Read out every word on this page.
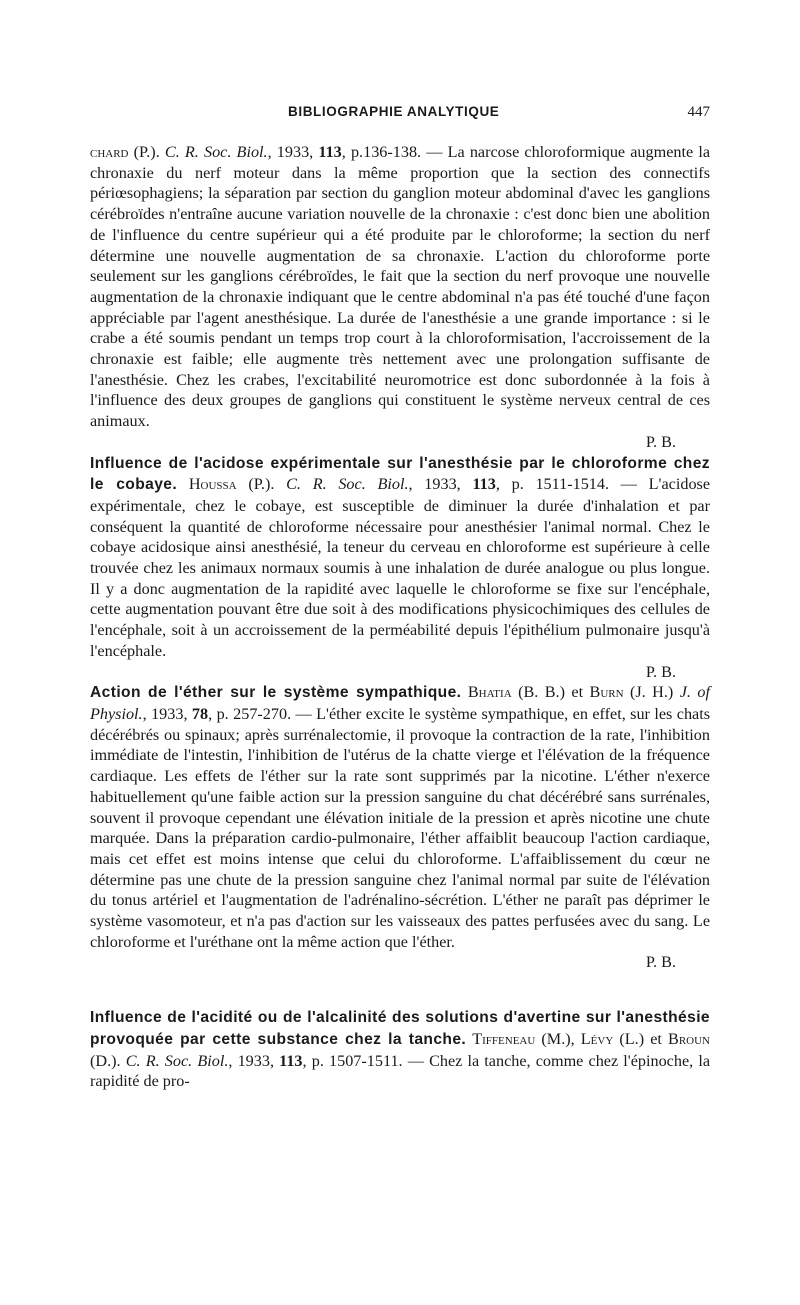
BIBLIOGRAPHIE ANALYTIQUE	447

chard (P.). C. R. Soc. Biol., 1933, 113, p.136-138. — La narcose chloroformique augmente la chronaxie du nerf moteur dans la même proportion que la section des connectifs périœsophagiens; la séparation par section du ganglion moteur abdominal d'avec les ganglions cérébroïdes n'entraîne aucune variation nouvelle de la chronaxie : c'est donc bien une abolition de l'influence du centre supérieur qui a été produite par le chloroforme; la section du nerf détermine une nouvelle augmentation de sa chronaxie. L'action du chloroforme porte seulement sur les ganglions cérébroïdes, le fait que la section du nerf provoque une nouvelle augmentation de la chronaxie indiquant que le centre abdominal n'a pas été touché d'une façon appréciable par l'agent anesthésique. La durée de l'anesthésie a une grande importance : si le crabe a été soumis pendant un temps trop court à la chloroformisation, l'accroissement de la chronaxie est faible; elle augmente très nettement avec une prolongation suffisante de l'anesthésie. Chez les crabes, l'excitabilité neuromotrice est donc subordonnée à la fois à l'influence des deux groupes de ganglions qui constituent le système nerveux central de ces animaux.

P. B.

Influence de l'acidose expérimentale sur l'anesthésie par le chloroforme chez le cobaye. Houssa (P.). C. R. Soc. Biol., 1933, 113, p. 1511-1514. — L'acidose expérimentale, chez le cobaye, est susceptible de diminuer la durée d'inhalation et par conséquent la quantité de chloroforme nécessaire pour anesthésier l'animal normal. Chez le cobaye acidosique ainsi anesthésié, la teneur du cerveau en chloroforme est supérieure à celle trouvée chez les animaux normaux soumis à une inhalation de durée analogue ou plus longue. Il y a donc augmentation de la rapidité avec laquelle le chloroforme se fixe sur l'encéphale, cette augmentation pouvant être due soit à des modifications physicochimiques des cellules de l'encéphale, soit à un accroissement de la perméabilité depuis l'épithélium pulmonaire jusqu'à l'encéphale.

P. B.

Action de l'éther sur le système sympathique. Bhatia (B. B.) et Burn (J. H.) J. of Physiol., 1933, 78, p. 257-270. — L'éther excite le système sympathique, en effet, sur les chats décérébrés ou spinaux; après surrénalectomie, il provoque la contraction de la rate, l'inhibition immédiate de l'intestin, l'inhibition de l'utérus de la chatte vierge et l'élévation de la fréquence cardiaque. Les effets de l'éther sur la rate sont supprimés par la nicotine. L'éther n'exerce habituellement qu'une faible action sur la pression sanguine du chat décérébré sans surrénales, souvent il provoque cependant une élévation initiale de la pression et après nicotine une chute marquée. Dans la préparation cardio-pulmonaire, l'éther affaiblit beaucoup l'action cardiaque, mais cet effet est moins intense que celui du chloroforme. L'affaiblissement du cœur ne détermine pas une chute de la pression sanguine chez l'animal normal par suite de l'élévation du tonus artériel et l'augmentation de l'adrénalino-sécrétion. L'éther ne paraît pas déprimer le système vasomoteur, et n'a pas d'action sur les vaisseaux des pattes perfusées avec du sang. Le chloroforme et l'uréthane ont la même action que l'éther.

P. B.

Influence de l'acidité ou de l'alcalinité des solutions d'avertine sur l'anesthésie provoquée par cette substance chez la tanche. Tiffeneau (M.), Lévy (L.) et Broun (D.). C. R. Soc. Biol., 1933, 113, p. 1507-1511. — Chez la tanche, comme chez l'épinoche, la rapidité de pro-
